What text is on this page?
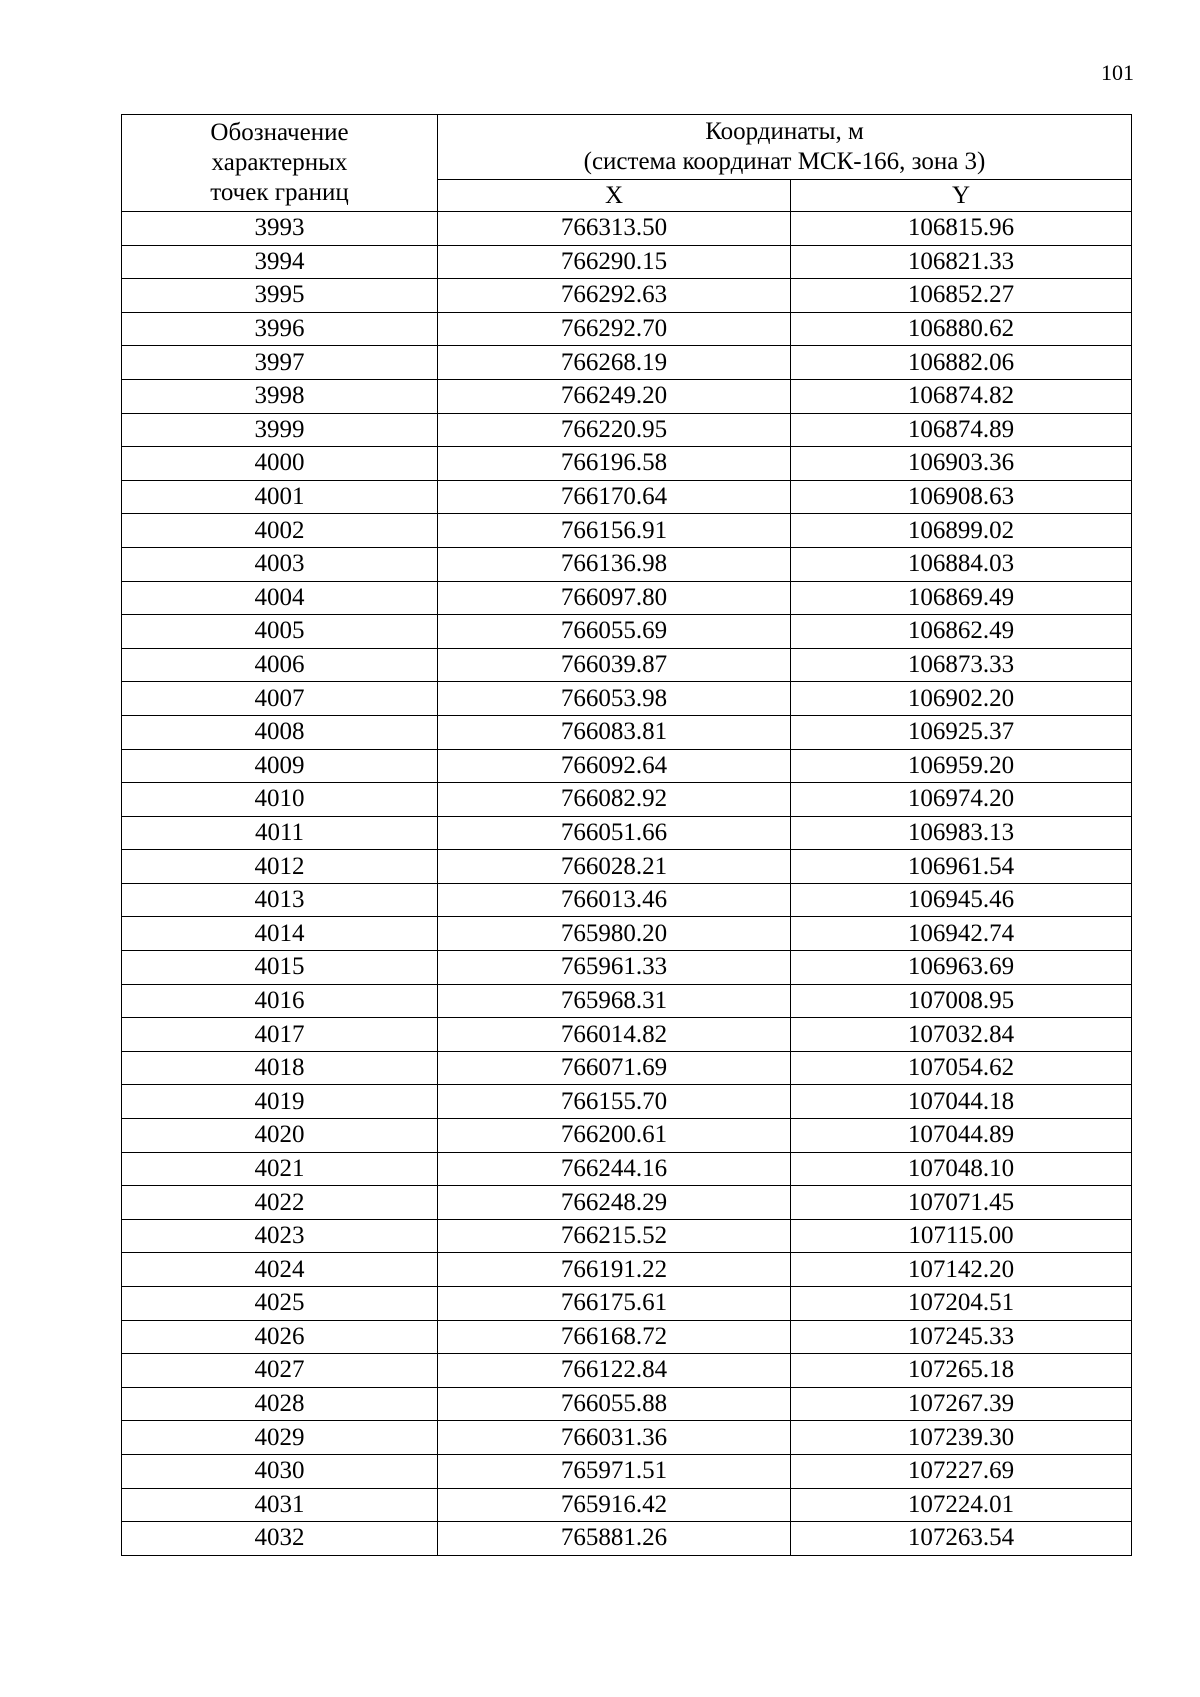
101
Обозначение
характерных
точек границ	Координаты, м
(система координат МСК-166, зона 3)	

	X	Y
3993	766313.50	106815.96
3994	766290.15	106821.33
3995	766292.63	106852.27
3996	766292.70	106880.62
3997	766268.19	106882.06
3998	766249.20	106874.82
3999	766220.95	106874.89
4000	766196.58	106903.36
4001	766170.64	106908.63
4002	766156.91	106899.02
4003	766136.98	106884.03
4004	766097.80	106869.49
4005	766055.69	106862.49
4006	766039.87	106873.33
4007	766053.98	106902.20
4008	766083.81	106925.37
4009	766092.64	106959.20
4010	766082.92	106974.20
4011	766051.66	106983.13
4012	766028.21	106961.54
4013	766013.46	106945.46
4014	765980.20	106942.74
4015	765961.33	106963.69
4016	765968.31	107008.95
4017	766014.82	107032.84
4018	766071.69	107054.62
4019	766155.70	107044.18
4020	766200.61	107044.89
4021	766244.16	107048.10
4022	766248.29	107071.45
4023	766215.52	107115.00
4024	766191.22	107142.20
4025	766175.61	107204.51
4026	766168.72	107245.33
4027	766122.84	107265.18
4028	766055.88	107267.39
4029	766031.36	107239.30
4030	765971.51	107227.69
4031	765916.42	107224.01
4032	765881.26	107263.54
